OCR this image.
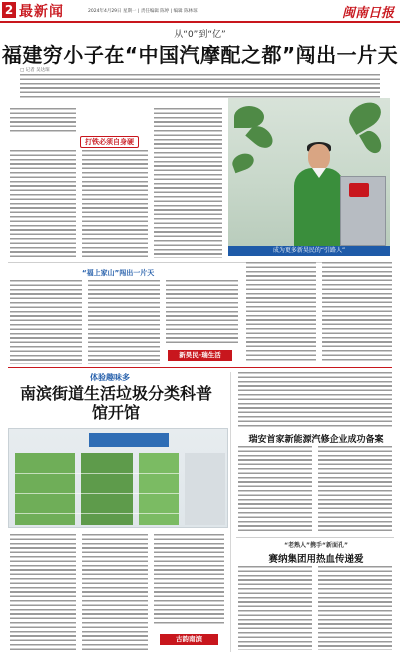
2 最新闻	2024年4月29日 星期一 | 责任编辑 陈婷 | 编辑 陈林琼	闽南日报
从“0”到“亿”
福建穷小子在“中国汽摩配之都”闯出一片天
□ 记者 吴达琛
打铁必须自身硬
成为更多新昊民的“引路人”
“福上家山”闯出一片天
新昊民·瑞生活
体验趣味多
南滨街道生活垃圾分类科普馆开馆
古韵南滨
瑞安首家新能源汽修企业成功备案
“老熟人”携手“新面孔”
赛纳集团用热血传递爱
